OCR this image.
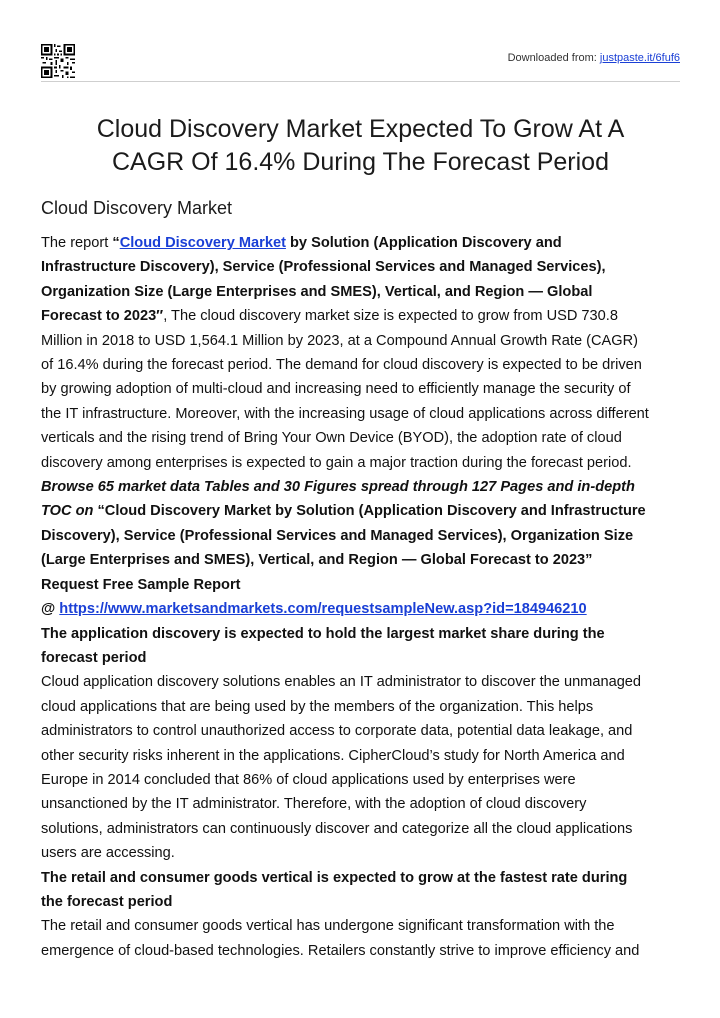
Downloaded from: justpaste.it/6fuf6
Cloud Discovery Market Expected To Grow At A
CAGR Of 16.4% During The Forecast Period
Cloud Discovery Market
The report “Cloud Discovery Market by Solution (Application Discovery and
Infrastructure Discovery), Service (Professional Services and Managed Services),
Organization Size (Large Enterprises and SMES), Vertical, and Region — Global
Forecast to 2023″, The cloud discovery market size is expected to grow from USD 730.8
Million in 2018 to USD 1,564.1 Million by 2023, at a Compound Annual Growth Rate (CAGR)
of 16.4% during the forecast period. The demand for cloud discovery is expected to be driven
by growing adoption of multi-cloud and increasing need to efficiently manage the security of
the IT infrastructure. Moreover, with the increasing usage of cloud applications across different
verticals and the rising trend of Bring Your Own Device (BYOD), the adoption rate of cloud
discovery among enterprises is expected to gain a major traction during the forecast period.
Browse 65 market data Tables and 30 Figures spread through 127 Pages and in-depth
TOC on “Cloud Discovery Market by Solution (Application Discovery and Infrastructure
Discovery), Service (Professional Services and Managed Services), Organization Size
(Large Enterprises and SMES), Vertical, and Region — Global Forecast to 2023”
Request Free Sample Report
@ https://www.marketsandmarkets.com/requestsampleNew.asp?id=184946210
The application discovery is expected to hold the largest market share during the
forecast period
Cloud application discovery solutions enables an IT administrator to discover the unmanaged
cloud applications that are being used by the members of the organization. This helps
administrators to control unauthorized access to corporate data, potential data leakage, and
other security risks inherent in the applications. CipherCloud’s study for North America and
Europe in 2014 concluded that 86% of cloud applications used by enterprises were
unsanctioned by the IT administrator. Therefore, with the adoption of cloud discovery
solutions, administrators can continuously discover and categorize all the cloud applications
users are accessing.
The retail and consumer goods vertical is expected to grow at the fastest rate during
the forecast period
The retail and consumer goods vertical has undergone significant transformation with the
emergence of cloud-based technologies. Retailers constantly strive to improve efficiency and
